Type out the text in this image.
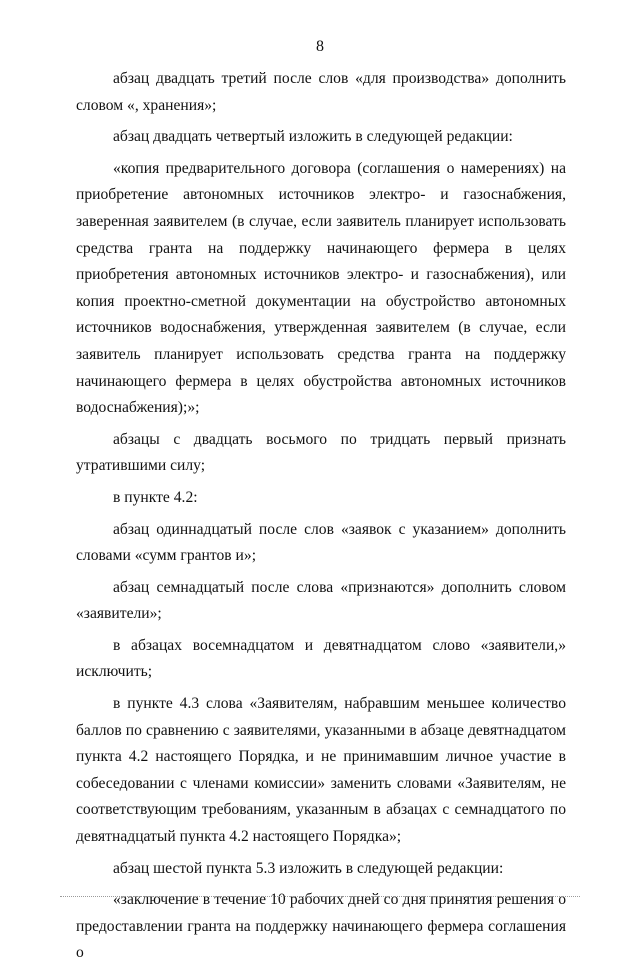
8

абзац двадцать третий после слов «для производства» дополнить словом «, хранения»;

абзац двадцать четвертый изложить в следующей редакции:

«копия предварительного договора (соглашения о намерениях) на приобретение автономных источников электро- и газоснабжения, заверенная заявителем (в случае, если заявитель планирует использовать средства гранта на поддержку начинающего фермера в целях приобретения автономных источников электро- и газоснабжения), или копия проектно-сметной документации на обустройство автономных источников водоснабжения, утвержденная заявителем (в случае, если заявитель планирует использовать средства гранта на поддержку начинающего фермера в целях обустройства автономных источников водоснабжения);»;

абзацы с двадцать восьмого по тридцать первый признать утратившими силу;

в пункте 4.2:

абзац одиннадцатый после слов «заявок с указанием» дополнить словами «сумм грантов и»;

абзац семнадцатый после слова «признаются» дополнить словом «заявители»;

в абзацах восемнадцатом и девятнадцатом слово «заявители,» исключить;

в пункте 4.3 слова «Заявителям, набравшим меньшее количество баллов по сравнению с заявителями, указанными в абзаце девятнадцатом пункта 4.2 настоящего Порядка, и не принимавшим личное участие в собеседовании с членами комиссии» заменить словами «Заявителям, не соответствующим требованиям, указанным в абзацах с семнадцатого по девятнадцатый пункта 4.2 настоящего Порядка»;

абзац шестой пункта 5.3 изложить в следующей редакции:

«заключение в течение 10 рабочих дней со дня принятия решения о предоставлении гранта на поддержку начинающего фермера соглашения о
